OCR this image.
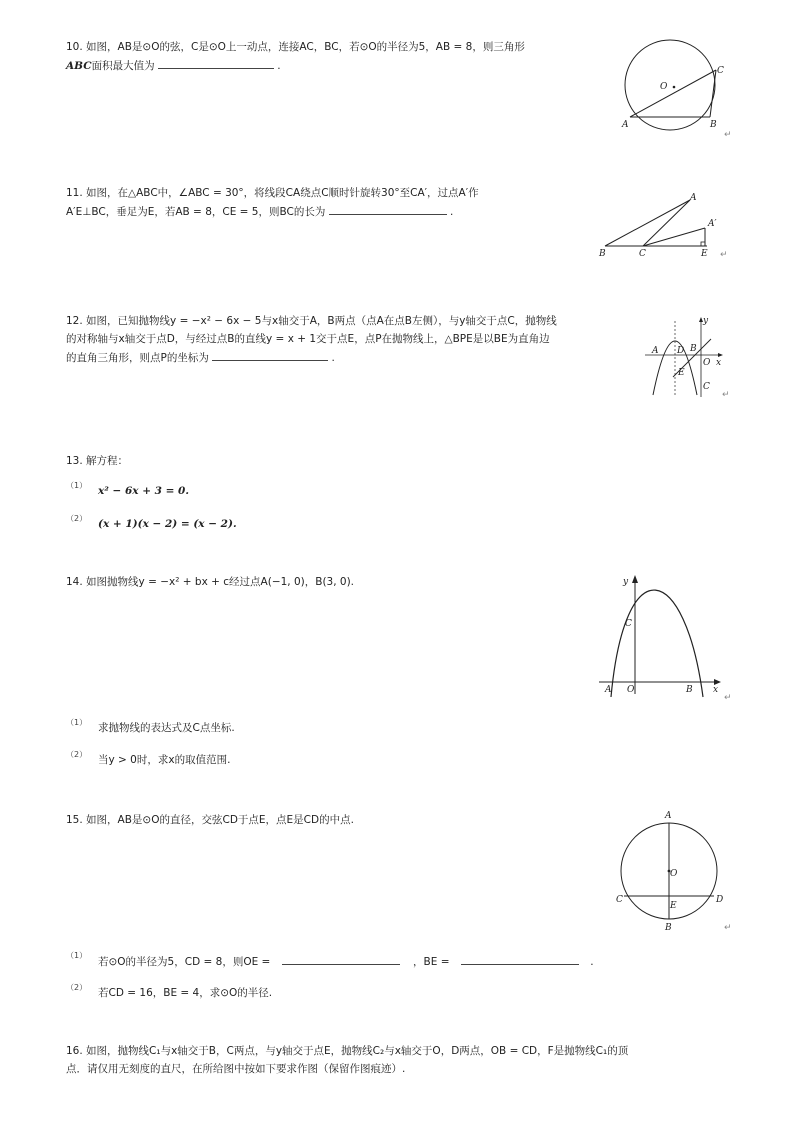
10. 如图，AB是⊙O的弦，C是⊙O上一动点，连接AC，BC，若⊙O的半径为5，AB = 8，则三角形
ABC面积最大值为	.
O
A	B
C
↵
11. 如图，在△ABC中，∠ABC = 30°，将线段CA绕点C顺时针旋转30°至CA′，过点A′作
A′E⊥BC，垂足为E，若AB = 8，CE = 5，则BC的长为	.
A
A′
B	C	E ↵
12. 如图，已知抛物线y = −x² − 6x − 5与x轴交于A，B两点（点A在点B左侧），与y轴交于点C，抛物线
的对称轴与x轴交于点D，与经过点B的直线y = x + 1交于点E，点P在抛物线上，△BPE是以BE为直角边
的直角三角形，则点P的坐标为	.
y
A D B
O x
E
C
↵
13. 解方程：
（1） x² − 6x + 3 = 0.
（2） (x + 1)(x − 2) = (x − 2).
14. 如图抛物线y = −x² + bx + c经过点A(−1, 0)，B(3, 0).	y
C
A O	B x
↵
（1） 求抛物线的表达式及C点坐标.
（2） 当y > 0时，求x的取值范围.
15. 如图，AB是⊙O的直径，交弦CD于点E，点E是CD的中点.	A
O
C	D
E
B	↵
（1）
若⊙O的半径为5，CD = 8，则OE =	，BE =	.
（2） 若CD = 16，BE = 4，求⊙O的半径.
16. 如图，抛物线C₁与x轴交于B，C两点，与y轴交于点E，抛物线C₂与x轴交于O，D两点，OB = CD，F是抛物线C₁的顶
点．请仅用无刻度的直尺，在所给图中按如下要求作图（保留作图痕迹）.
